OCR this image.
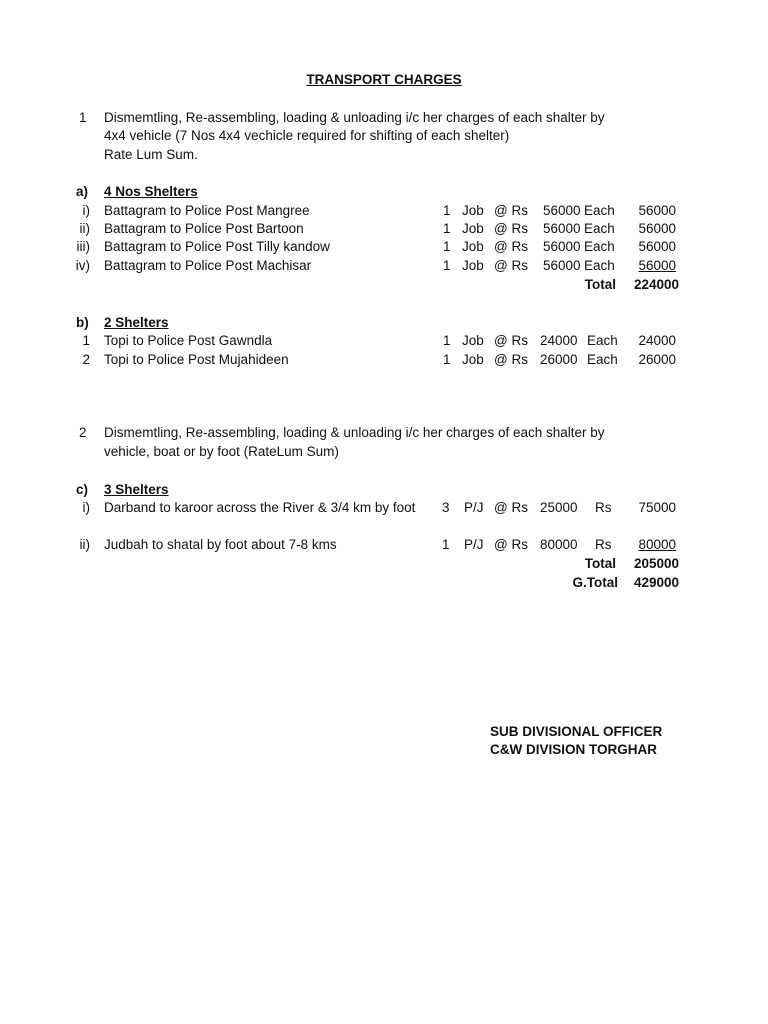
TRANSPORT CHARGES
1 Dismemtling, Re-assembling, loading & unloading i/c her charges of each shalter by
4x4 vehicle (7 Nos 4x4 vechicle required for shifting of each shelter)
Rate Lum Sum.
a) 4 Nos Shelters
i) Battagram to Police Post Mangree	1 Job @ Rs 56000 Each	56000
ii) Battagram to Police Post Bartoon	1 Job @ Rs 56000 Each	56000
iii) Battagram to Police Post Tilly kandow	1 Job @ Rs 56000 Each	56000
iv) Battagram to Police Post Machisar	1 Job @ Rs 56000 Each	56000
Total	224000
b) 2 Shelters
1 Topi to Police Post Gawndla	1 Job @ Rs 24000 Each	24000
2 Topi to Police Post Mujahideen	1 Job @ Rs 26000 Each	26000
2 Dismemtling, Re-assembling, loading & unloading i/c her charges of each shalter by
vehicle, boat or by foot (RateLum Sum)
c) 3 Shelters
i) Darband to karoor across the River & 3/4 km by foot 3 P/J @ Rs 25000 Rs	75000
ii) Judbah to shatal by foot about 7-8 kms	1 P/J @ Rs 80000 Rs	80000
Total	205000
G.Total	429000
SUB DIVISIONAL OFFICER
C&W DIVISION TORGHAR
